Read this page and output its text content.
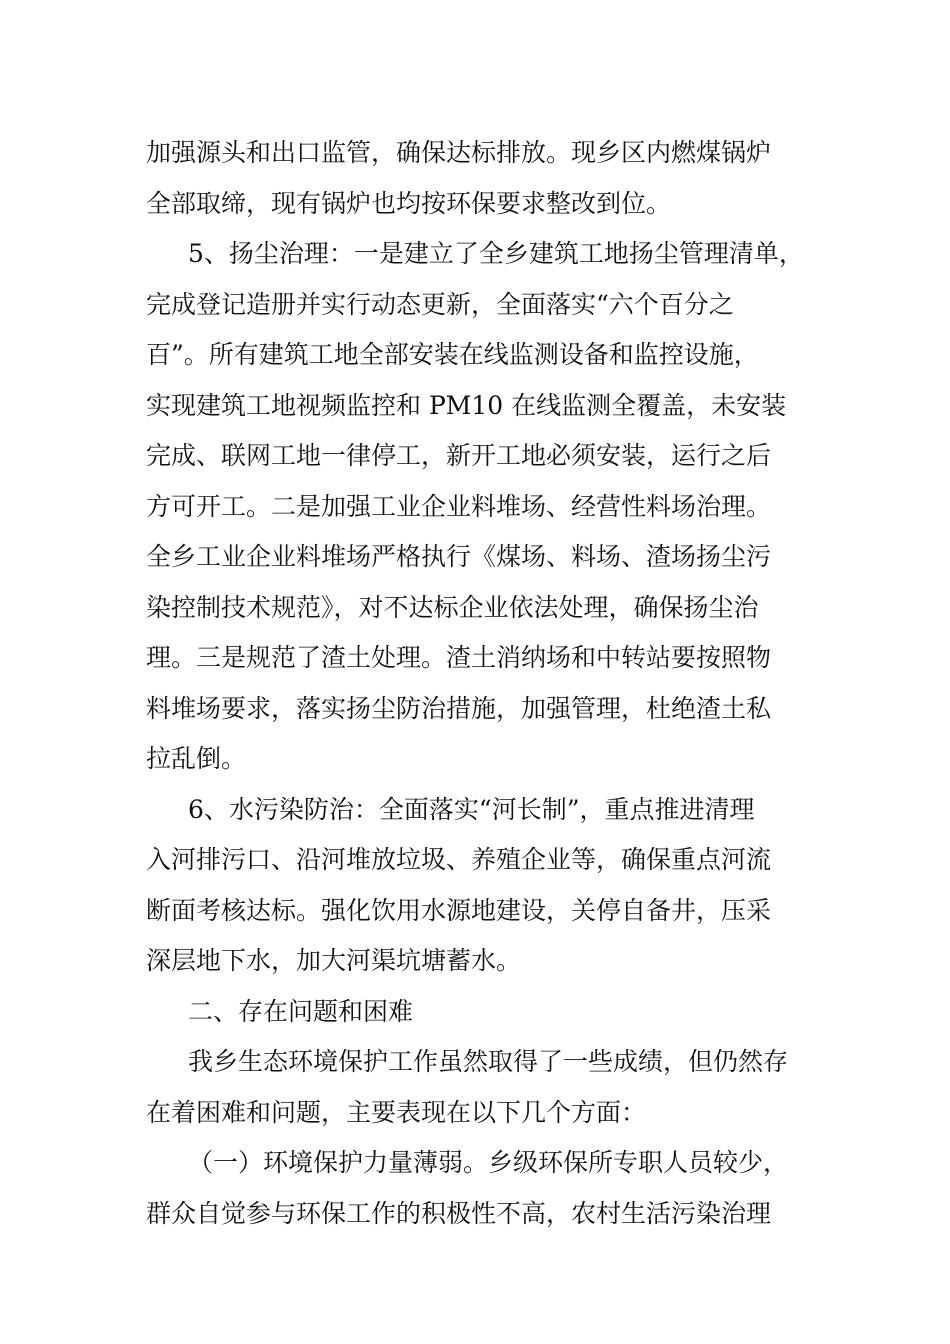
加强源头和出口监管，确保达标排放。现乡区内燃煤锅炉
全部取缔，现有锅炉也均按环保要求整改到位。
5、扬尘治理：一是建立了全乡建筑工地扬尘管理清单，
完成登记造册并实行动态更新，全面落实“六个百分之
百”。所有建筑工地全部安装在线监测设备和监控设施，
实现建筑工地视频监控和 PM10 在线监测全覆盖，未安装
完成、联网工地一律停工，新开工地必须安装，运行之后
方可开工。二是加强工业企业料堆场、经营性料场治理。
全乡工业企业料堆场严格执行《煤场、料场、渣场扬尘污
染控制技术规范》，对不达标企业依法处理，确保扬尘治
理。三是规范了渣土处理。渣土消纳场和中转站要按照物
料堆场要求，落实扬尘防治措施，加强管理，杜绝渣土私
拉乱倒。
6、水污染防治：全面落实“河长制”，重点推进清理
入河排污口、沿河堆放垃圾、养殖企业等，确保重点河流
断面考核达标。强化饮用水源地建设，关停自备井，压采
深层地下水，加大河渠坑塘蓄水。
二、存在问题和困难
我乡生态环境保护工作虽然取得了一些成绩，但仍然存
在着困难和问题，主要表现在以下几个方面：
（一）环境保护力量薄弱。乡级环保所专职人员较少，
群众自觉参与环保工作的积极性不高，农村生活污染治理
